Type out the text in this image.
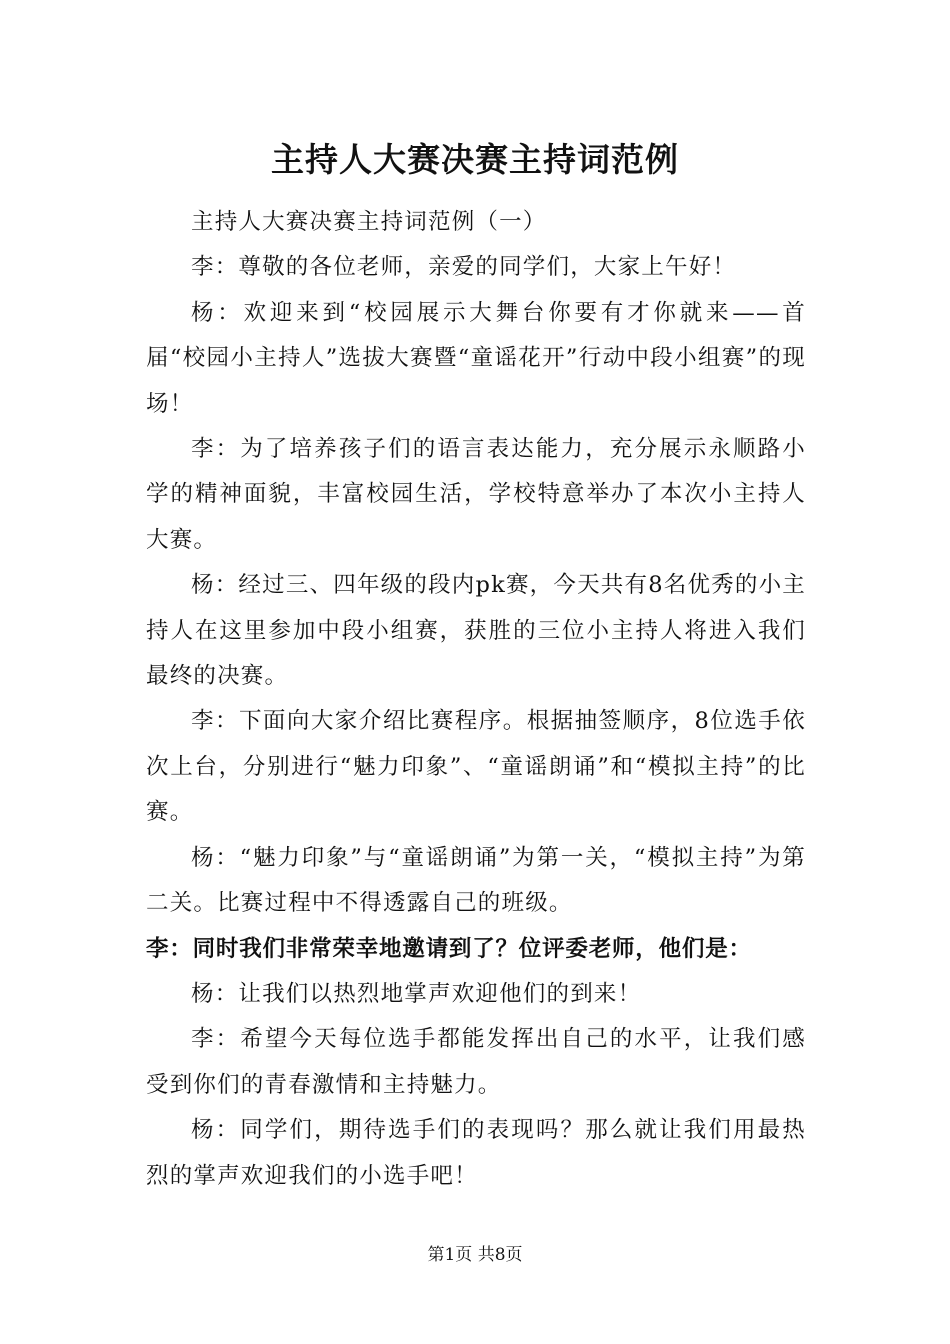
主持人大赛决赛主持词范例

主持人大赛决赛主持词范例（一）

李：尊敬的各位老师，亲爱的同学们，大家上午好！

杨：欢迎来到“校园展示大舞台你要有才你就来——首届“校园小主持人”选拔大赛暨“童谣花开”行动中段小组赛”的现场！

李：为了培养孩子们的语言表达能力，充分展示永顺路小学的精神面貌，丰富校园生活，学校特意举办了本次小主持人大赛。

杨：经过三、四年级的段内pk赛，今天共有8名优秀的小主持人在这里参加中段小组赛，获胜的三位小主持人将进入我们最终的决赛。

李：下面向大家介绍比赛程序。根据抽签顺序，8位选手依次上台，分别进行“魅力印象”、“童谣朗诵”和“模拟主持”的比赛。

杨：“魅力印象”与“童谣朗诵”为第一关，“模拟主持”为第二关。比赛过程中不得透露自己的班级。

李：同时我们非常荣幸地邀请到了？位评委老师，他们是：

杨：让我们以热烈地掌声欢迎他们的到来！

李：希望今天每位选手都能发挥出自己的水平，让我们感受到你们的青春激情和主持魅力。

杨：同学们，期待选手们的表现吗？那么就让我们用最热烈的掌声欢迎我们的小选手吧！

第1页 共8页
